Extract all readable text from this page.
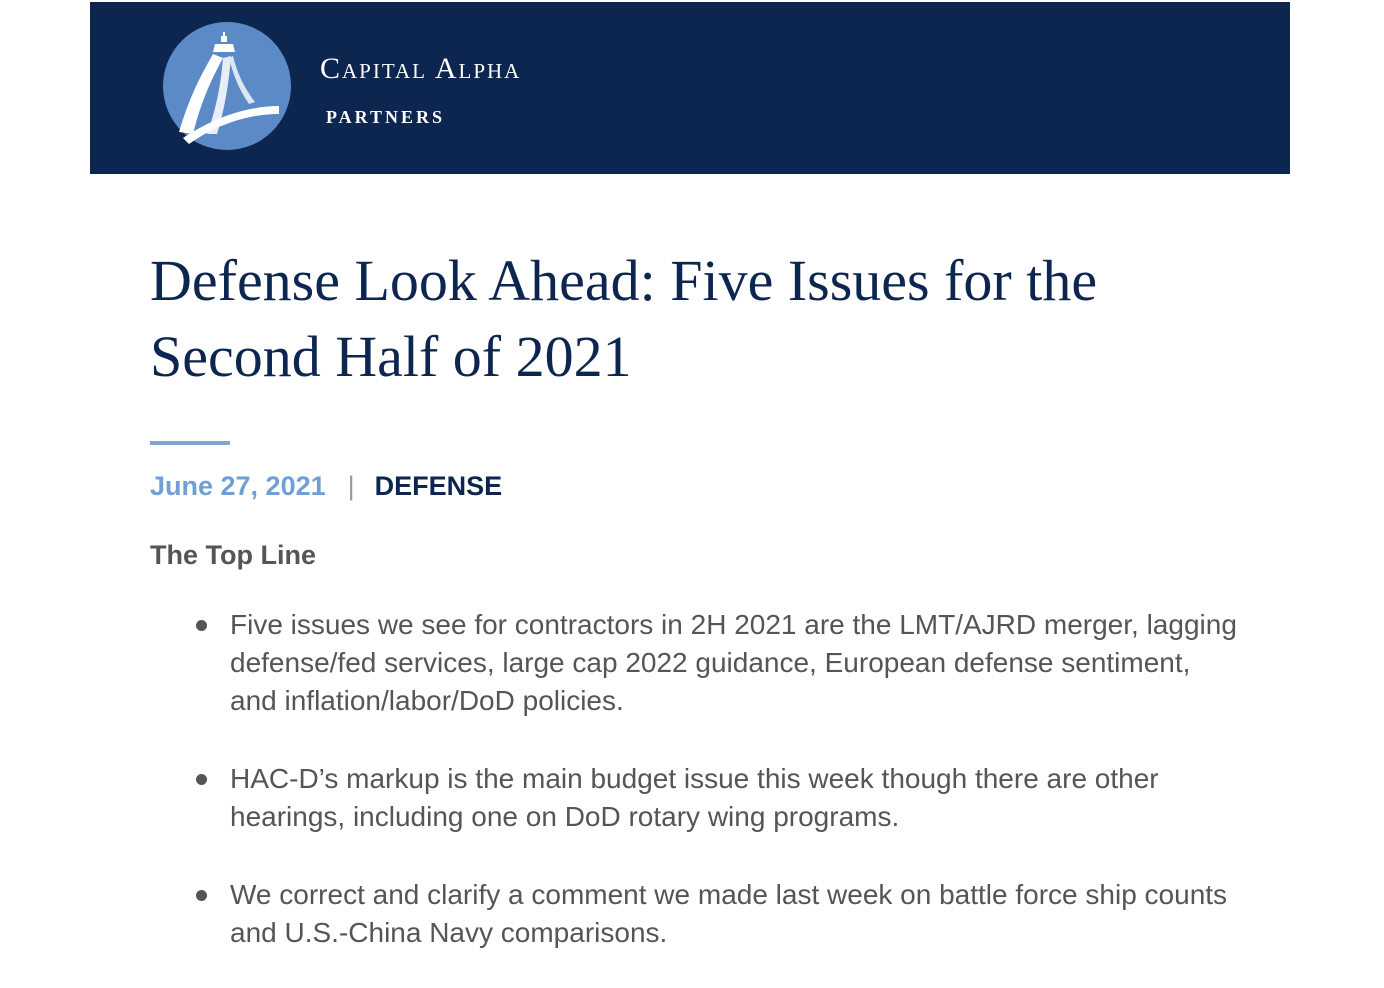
Capital Alpha
PARTNERS
Defense Look Ahead: Five Issues for the Second Half of 2021
June 27, 2021 | DEFENSE
The Top Line
Five issues we see for contractors in 2H 2021 are the LMT/AJRD merger, lagging defense/fed services, large cap 2022 guidance, European defense sentiment, and inflation/labor/DoD policies.
HAC-D’s markup is the main budget issue this week though there are other hearings, including one on DoD rotary wing programs.
We correct and clarify a comment we made last week on battle force ship counts and U.S.-China Navy comparisons.
